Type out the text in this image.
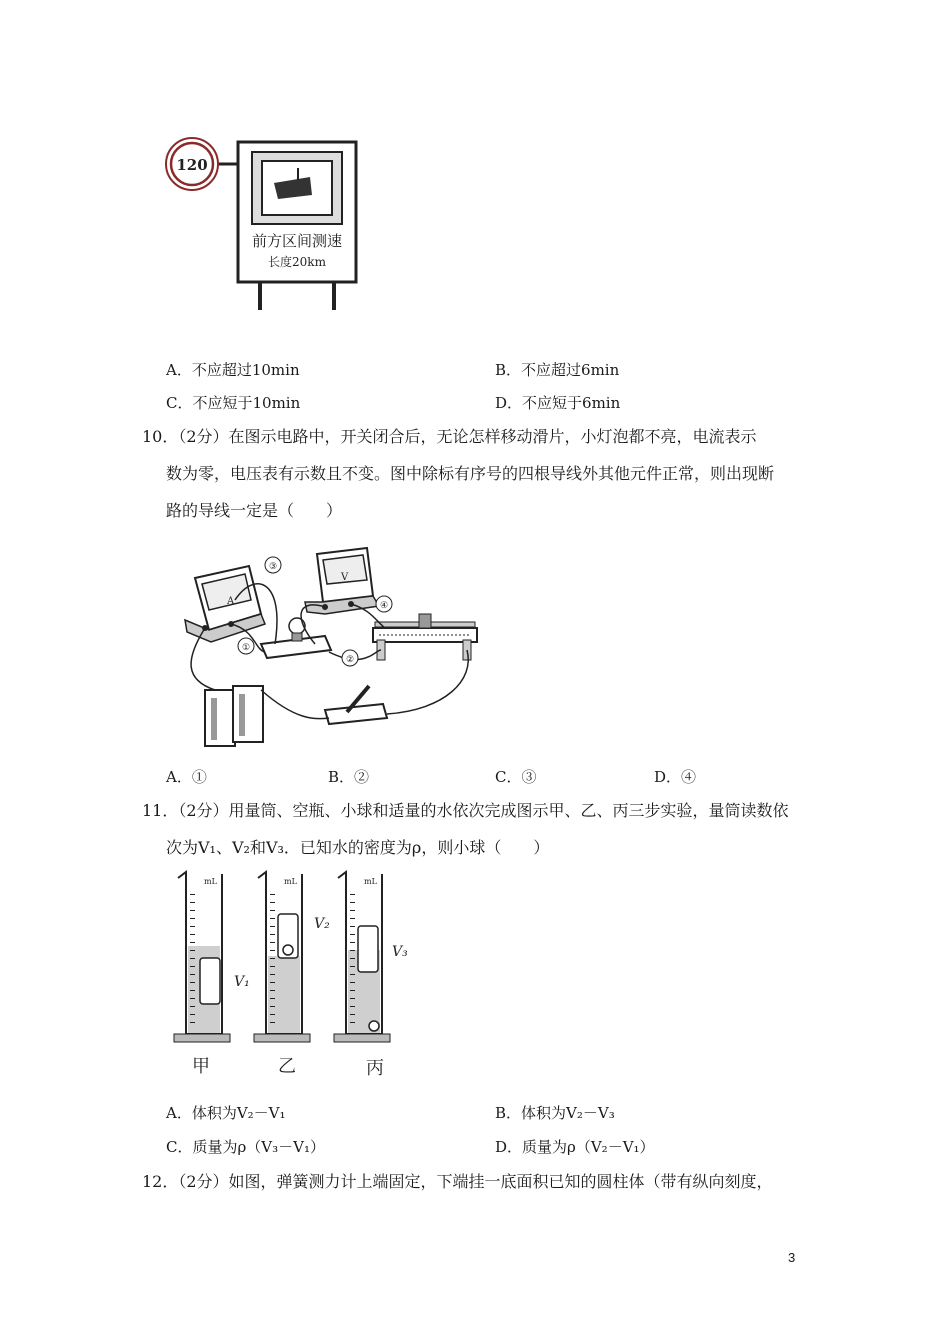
120
前方区间测速
长度20km
A．不应超过10min	B．不应超过6min
C．不应短于10min	D．不应短于6min
10．（2分）在图示电路中，开关闭合后，无论怎样移动滑片，小灯泡都不亮，电流表示
数为零，电压表有示数且不变。图中除标有序号的四根导线外其他元件正常，则出现断
路的导线一定是（　　）
A
V
①
②
③
④
A．①	B．②	C．③	D．④
11．（2分）用量筒、空瓶、小球和适量的水依次完成图示甲、乙、丙三步实验，量筒读数依
次为V₁、V₂和V₃．已知水的密度为ρ，则小球（　　）
mL
V₁
甲
mL
V₂
乙
mL
V₃
丙
A．体积为V₂－V₁	B．体积为V₂－V₃
C．质量为ρ（V₃－V₁）	D．质量为ρ（V₂－V₁）
12．（2分）如图，弹簧测力计上端固定，下端挂一底面积已知的圆柱体（带有纵向刻度，
3
